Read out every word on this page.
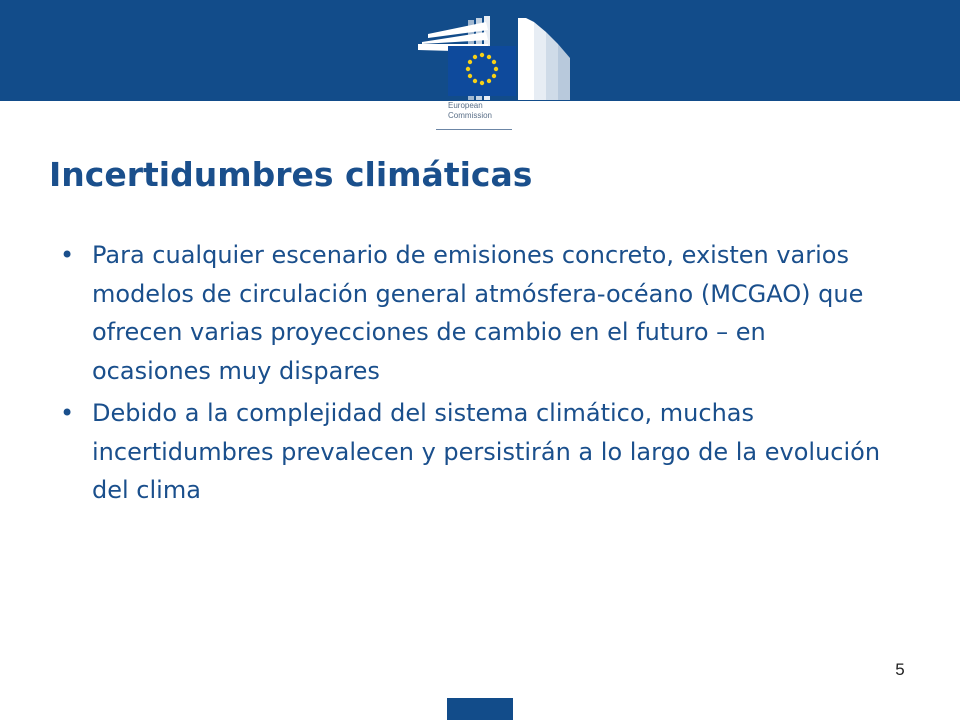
European
Commission
Incertidumbres climáticas
• Para cualquier escenario de emisiones concreto, existen varios modelos de circulación general atmósfera-océano (MCGAO) que ofrecen varias proyecciones de cambio en el futuro – en ocasiones muy dispares
• Debido a la complejidad del sistema climático, muchas incertidumbres prevalecen y persistirán a lo largo de la evolución del clima
5
